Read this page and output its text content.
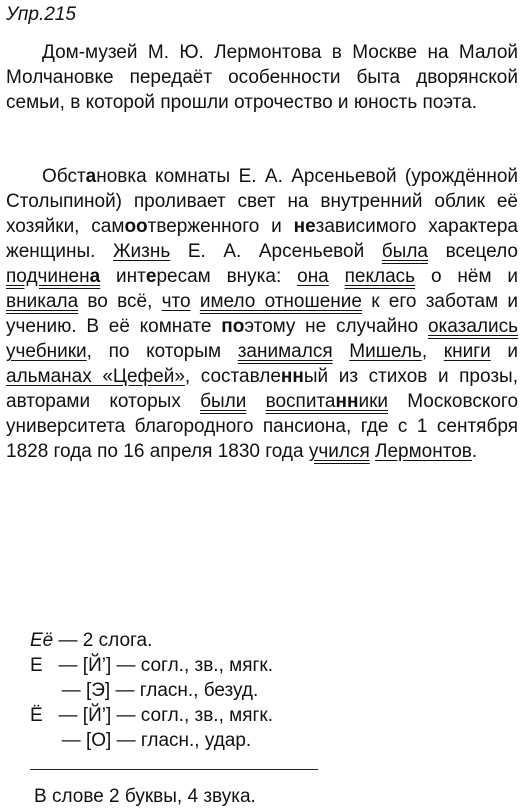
Упр.215

Дом-музей М. Ю. Лермонтова в Москве на Малой Молчановке передаёт особенности быта дворянской семьи, в которой прошли отрочество и юность поэта.

Обстановка комнаты Е. А. Арсеньевой (урождённой Столыпиной) проливает свет на внутренний облик её хозяйки, самоотверженного и независимого характера женщины. Жизнь Е. А. Арсеньевой была всецело подчинена интересам внука: она пеклась о нём и вникала во всё, что имело отношение к его заботам и учению. В её комнате поэтому не случайно оказались учебники, по которым занимался Мишель, книги и альманах «Цефей», составленный из стихов и прозы, авторами которых были воспитанники Московского университета благородного пансиона, где с 1 сентября 1828 года по 16 апреля 1830 года учился Лермонтов.

Её — 2 слога.
Е   — [Й’] — согл., зв., мягк.
— [Э] — гласн., безуд.
Ё   — [Й’] — согл., зв., мягк.
— [О] — гласн., удар.
В слове 2 буквы, 4 звука.
